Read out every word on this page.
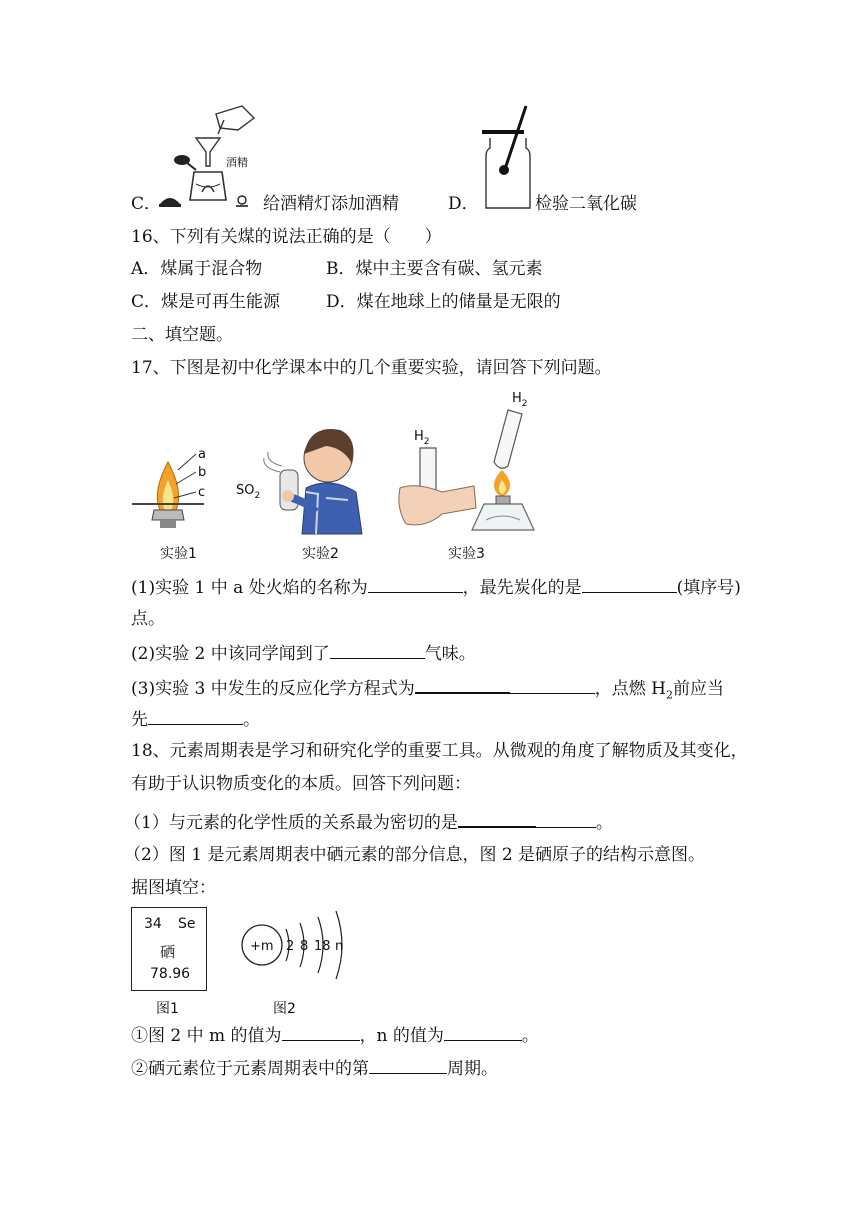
酒精
C．	给酒精灯添加酒精	D．	检验二氧化碳
16、下列有关煤的说法正确的是（　　）
A．煤属于混合物	B．煤中主要含有碳、氢元素
C．煤是可再生能源	D．煤在地球上的储量是无限的
二、填空题。
17、下图是初中化学课本中的几个重要实验，请回答下列问题。
a
b
c $SO_2$
$H_2$
$H_2$
实验1	实验2	实验3
(1)实验 1 中 a 处火焰的名称为	，最先炭化的是	(填序号)
点。
(2)实验 2 中该同学闻到了	气味。
(3)实验 3 中发生的反应化学方程式为	，点燃 $H_2$前应当
先	。
18、元素周期表是学习和研究化学的重要工具。从微观的角度了解物质及其变化，
有助于认识物质变化的本质。回答下列问题：
（1）与元素的化学性质的关系最为密切的是	。
（2）图 1 是元素周期表中硒元素的部分信息，图 2 是硒原子的结构示意图。
据图填空：
34 Se
硒
78.96
图1
+m 2 8 18 n
图2
①图 2 中 m 的值为	，n 的值为	。
②硒元素位于元素周期表中的第	周期。
